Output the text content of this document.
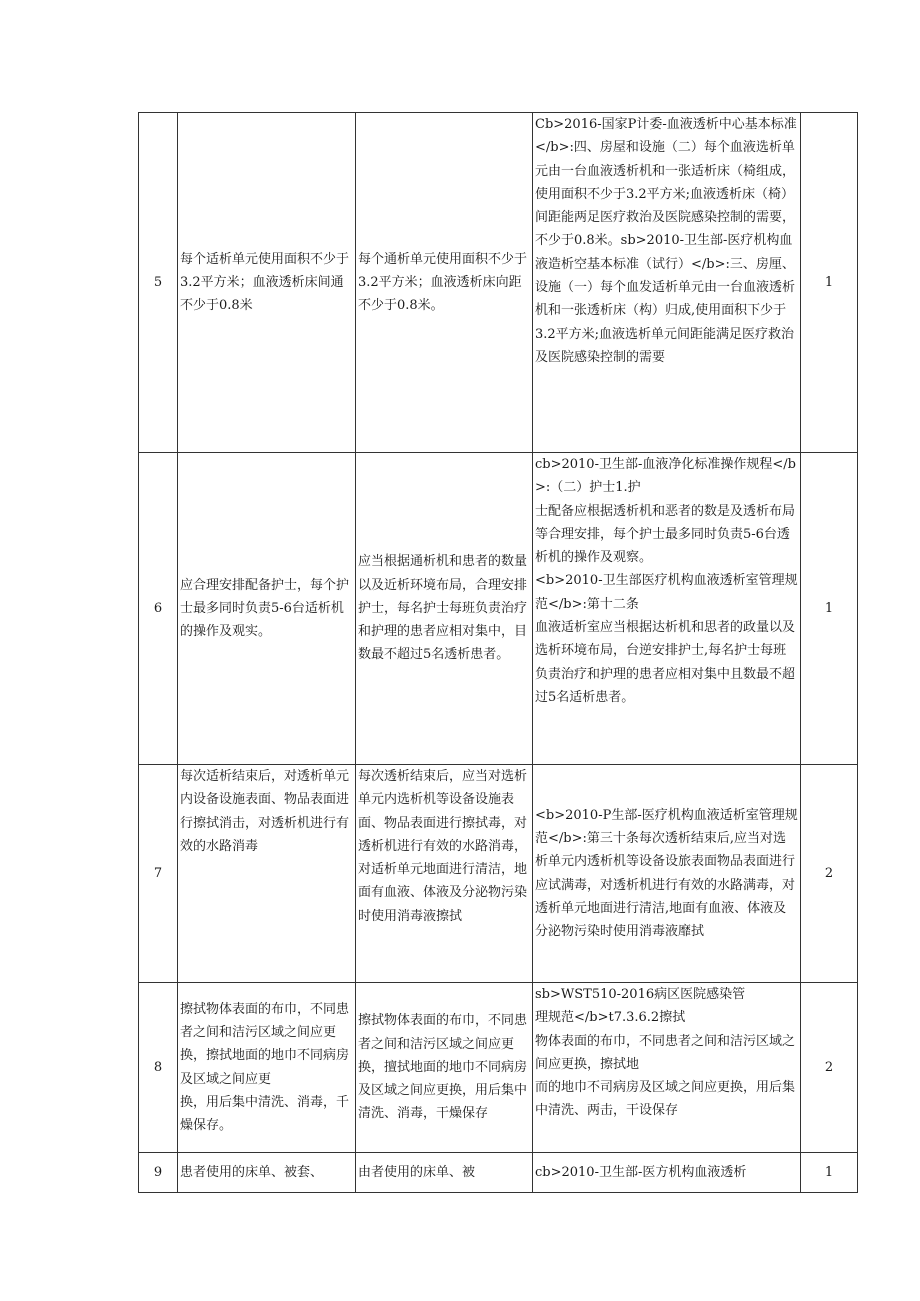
5	每个适析单元使用面积不少于3.2平方米；血液透析床间通不少于0.8米	每个通析单元使用面积不少于3.2平方米；血液透析床向距不少于0.8米。	Cb>2016-国家P计委-血液透析中心基本标准</b>:四、房屋和设施（二）每个血液选析单元由一台血液透析机和一张适析床（椅组成，使用面积不少于3.2平方米;血液透析床（椅）间距能两足医疗救治及医院感染控制的需要，不少于0.8米。sb>2010-卫生部-医疗机构血液造析空基本标准（试行）</b>:三、房厘、设施（一）每个血发适析单元由一台血液透析机和一张透析床（构）归成,使用面积下少于3.2平方米;血液选析单元间距能满足医疗救治及医院感染控制的需要	1
6	应合理安排配备护士，每个护士最多同时负责5-6台适析机的操作及观实。	应当根据通析机和患者的数量以及近析环境布局，合理安排护士，每名护士每班负责治疗和护理的患者应相对集中，目数最不超过5名透析患者。	cb>2010-卫生部-血液净化标准操作规程</b>:（二）护士1.护
士配备应根据透析机和恶者的数是及透析布局等合理安排，每个护士最多同时负责5-6台透析机的操作及观察。
<b>2010-卫生部医疗机构血液透析室管理规范</b>:第十二条
血液适析室应当根据达析机和思者的政量以及选析环境布局，台逆安排护士,每名护士每班负责治疗和护理的患者应相对集中且数最不超过5名适析患者。	1
7	每次适析结束后，对透析单元内设备设施表面、物品表面进行擦拭消击，对透析机进行有效的水路消毒	每次透析结束后，应当对选析单元内选析机等设备设施表面、物品表面进行擦拭毒，对透析机进行有效的水路消毒，对适析单元地面进行清洁，地面有血液、体液及分泌物污染时使用消毒液擦拭	<b>2010-P生部-医疗机构血液适析室管理规范</b>:第三十条每次透析结束后,应当对选析单元内透析机等设备设旅表面物品表面进行应试满毒，对透析机进行有效的水路满毒，对透析单元地面进行清洁,地面有血液、体液及分泌物污染时使用消毒液靡拭	2
8	擦拭物体表面的布巾，不同患者之间和洁污区域之间应更换，擦拭地面的地巾不同病房及区域之间应更
换，用后集中清洗、消毒，千燥保存。	擦拭物体表面的布巾，不同患者之间和洁污区域之间应更换，擅拭地面的地巾不同病房及区域之间应更换，用后集中清洗、消毒，干燥保存	sb>WST510-2016病区医院感染管
理规范</b>t7.3.6.2擦拭
物体表面的布巾，不同患者之间和洁污区域之间应更换，擦拭地
而的地巾不司病房及区域之间应更换，用后集中清洗、两击，干设保存	2
9	患者使用的床单、被套、	由者使用的床单、被	cb>2010-卫生部-医方机构血液透析	1
